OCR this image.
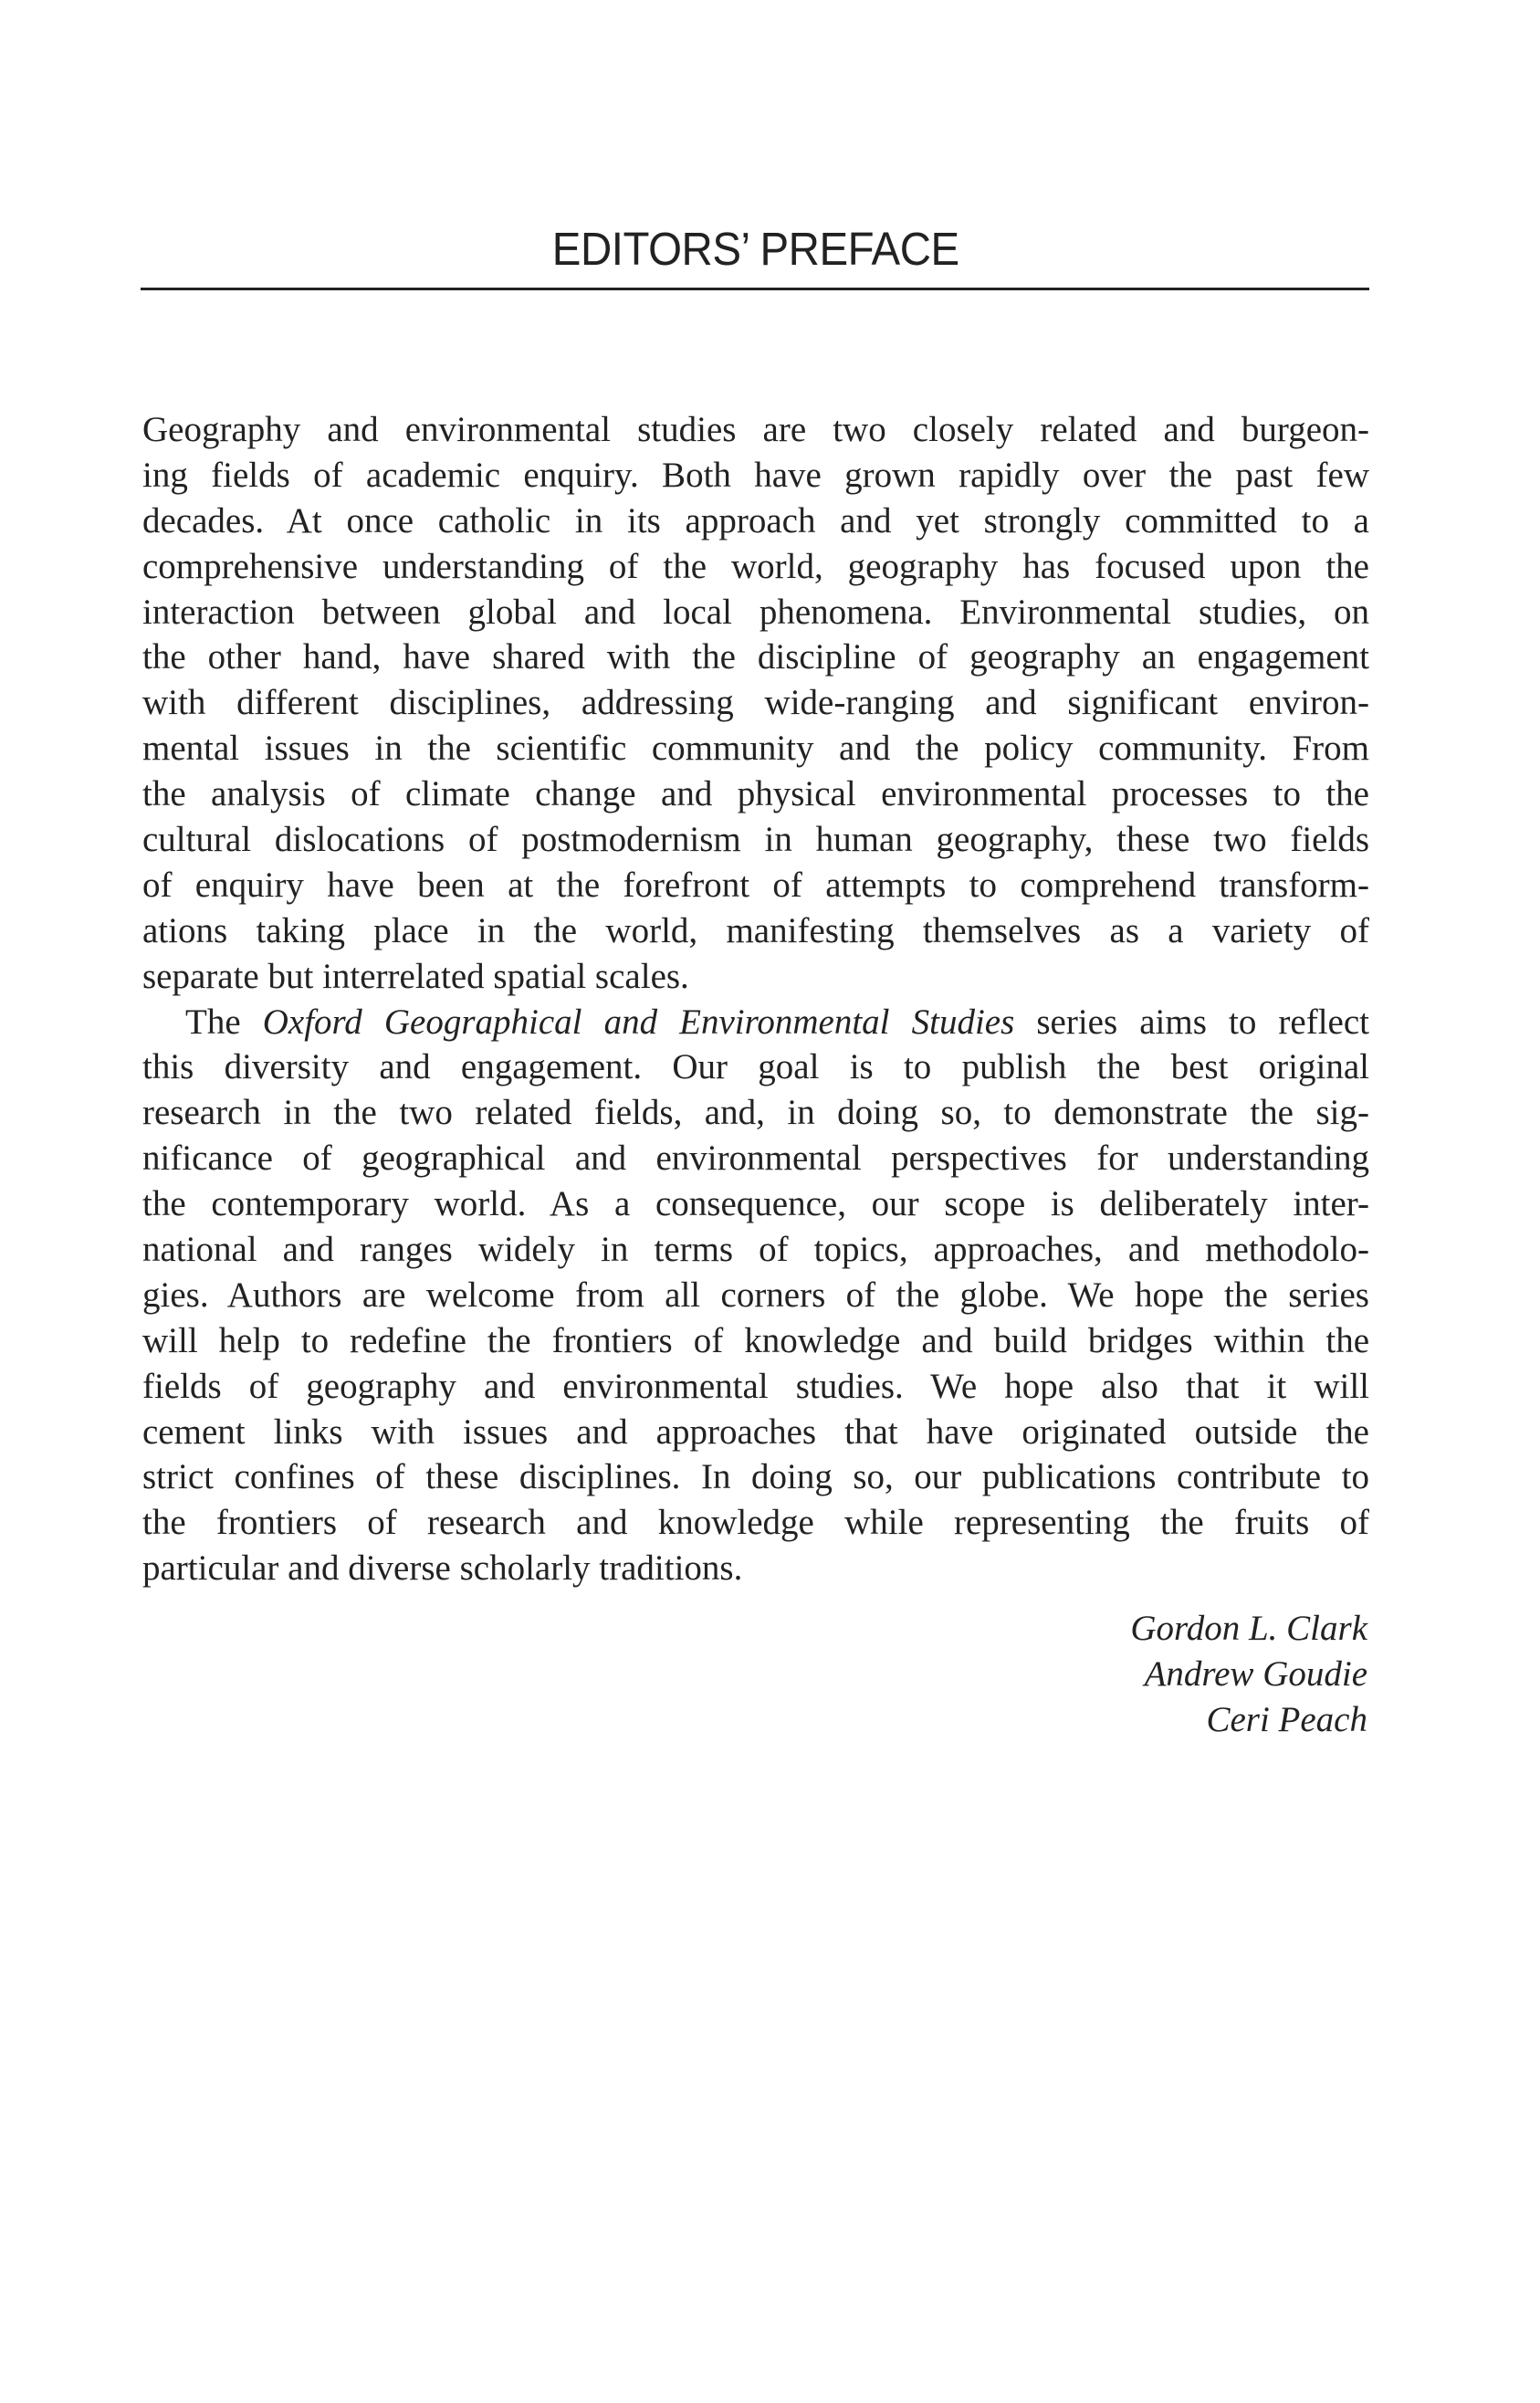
EDITORS’ PREFACE
Geography and environmental studies are two closely related and burgeon-
ing fields of academic enquiry. Both have grown rapidly over the past few
decades. At once catholic in its approach and yet strongly committed to a
comprehensive understanding of the world, geography has focused upon the
interaction between global and local phenomena. Environmental studies, on
the other hand, have shared with the discipline of geography an engagement
with different disciplines, addressing wide-ranging and significant environ-
mental issues in the scientific community and the policy community. From
the analysis of climate change and physical environmental processes to the
cultural dislocations of postmodernism in human geography, these two fields
of enquiry have been at the forefront of attempts to comprehend transform-
ations taking place in the world, manifesting themselves as a variety of
separate but interrelated spatial scales.
The Oxford Geographical and Environmental Studies series aims to reflect
this diversity and engagement. Our goal is to publish the best original
research in the two related fields, and, in doing so, to demonstrate the sig-
nificance of geographical and environmental perspectives for understanding
the contemporary world. As a consequence, our scope is deliberately inter-
national and ranges widely in terms of topics, approaches, and methodolo-
gies. Authors are welcome from all corners of the globe. We hope the series
will help to redefine the frontiers of knowledge and build bridges within the
fields of geography and environmental studies. We hope also that it will
cement links with issues and approaches that have originated outside the
strict confines of these disciplines. In doing so, our publications contribute to
the frontiers of research and knowledge while representing the fruits of
particular and diverse scholarly traditions.
Gordon L. Clark
Andrew Goudie
Ceri Peach
